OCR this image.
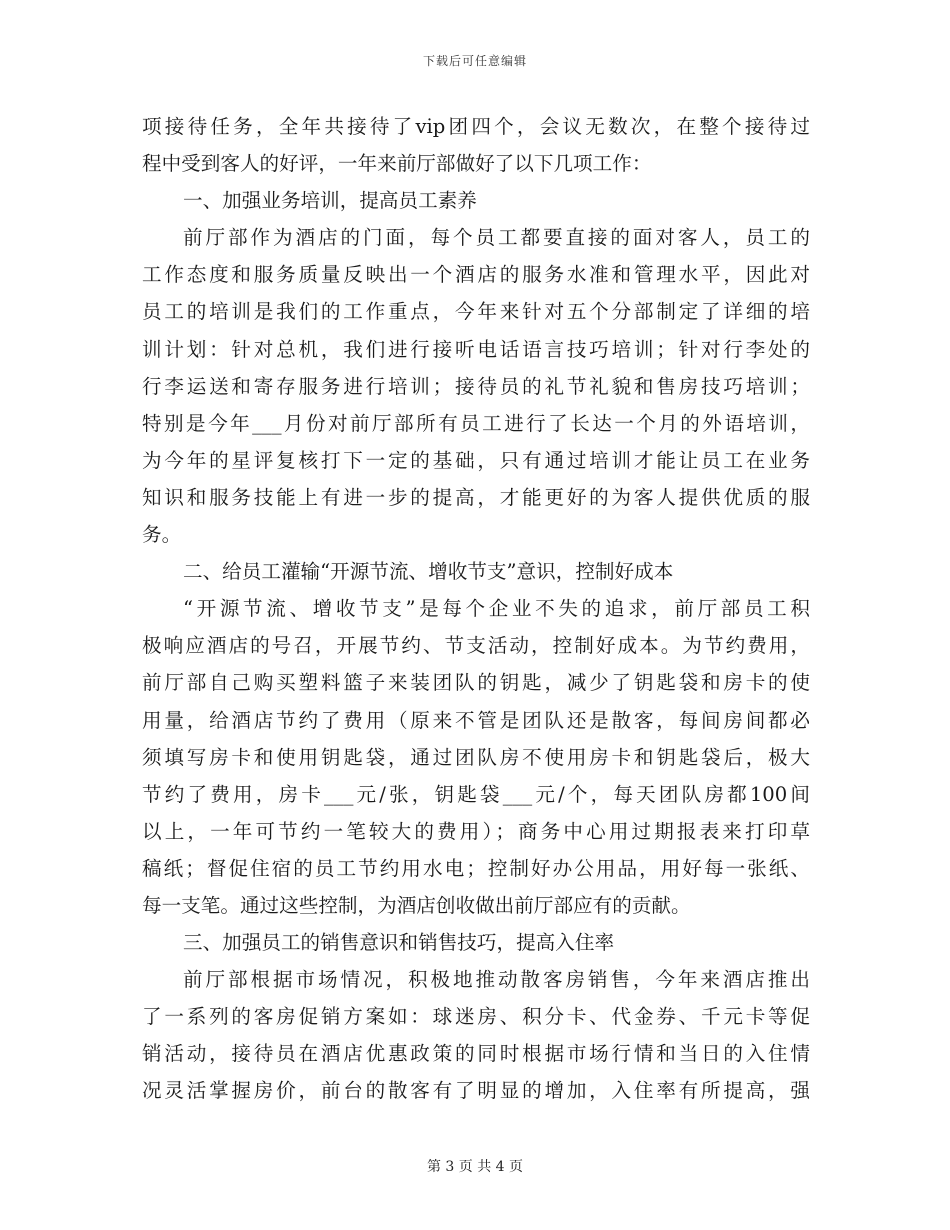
下载后可任意编辑
项接待任务，全年共接待了vip团四个，会议无数次，在整个接待过
程中受到客人的好评，一年来前厅部做好了以下几项工作：
一、加强业务培训，提高员工素养
前厅部作为酒店的门面，每个员工都要直接的面对客人，员工的
工作态度和服务质量反映出一个酒店的服务水准和管理水平，因此对
员工的培训是我们的工作重点，今年来针对五个分部制定了详细的培
训计划：针对总机，我们进行接听电话语言技巧培训；针对行李处的
行李运送和寄存服务进行培训；接待员的礼节礼貌和售房技巧培训；
特别是今年___月份对前厅部所有员工进行了长达一个月的外语培训，
为今年的星评复核打下一定的基础，只有通过培训才能让员工在业务
知识和服务技能上有进一步的提高，才能更好的为客人提供优质的服
务。
二、给员工灌输“开源节流、增收节支”意识，控制好成本
“开源节流、增收节支”是每个企业不失的追求，前厅部员工积
极响应酒店的号召，开展节约、节支活动，控制好成本。为节约费用，
前厅部自己购买塑料篮子来装团队的钥匙，减少了钥匙袋和房卡的使
用量，给酒店节约了费用（原来不管是团队还是散客，每间房间都必
须填写房卡和使用钥匙袋，通过团队房不使用房卡和钥匙袋后，极大
节约了费用，房卡___元/张，钥匙袋___元/个，每天团队房都100间
以上，一年可节约一笔较大的费用）；商务中心用过期报表来打印草
稿纸；督促住宿的员工节约用水电；控制好办公用品，用好每一张纸、
每一支笔。通过这些控制，为酒店创收做出前厅部应有的贡献。
三、加强员工的销售意识和销售技巧，提高入住率
前厅部根据市场情况，积极地推动散客房销售，今年来酒店推出
了一系列的客房促销方案如：球迷房、积分卡、代金券、千元卡等促
销活动，接待员在酒店优惠政策的同时根据市场行情和当日的入住情
况灵活掌握房价，前台的散客有了明显的增加，入住率有所提高，强
第 3 页 共 4 页
